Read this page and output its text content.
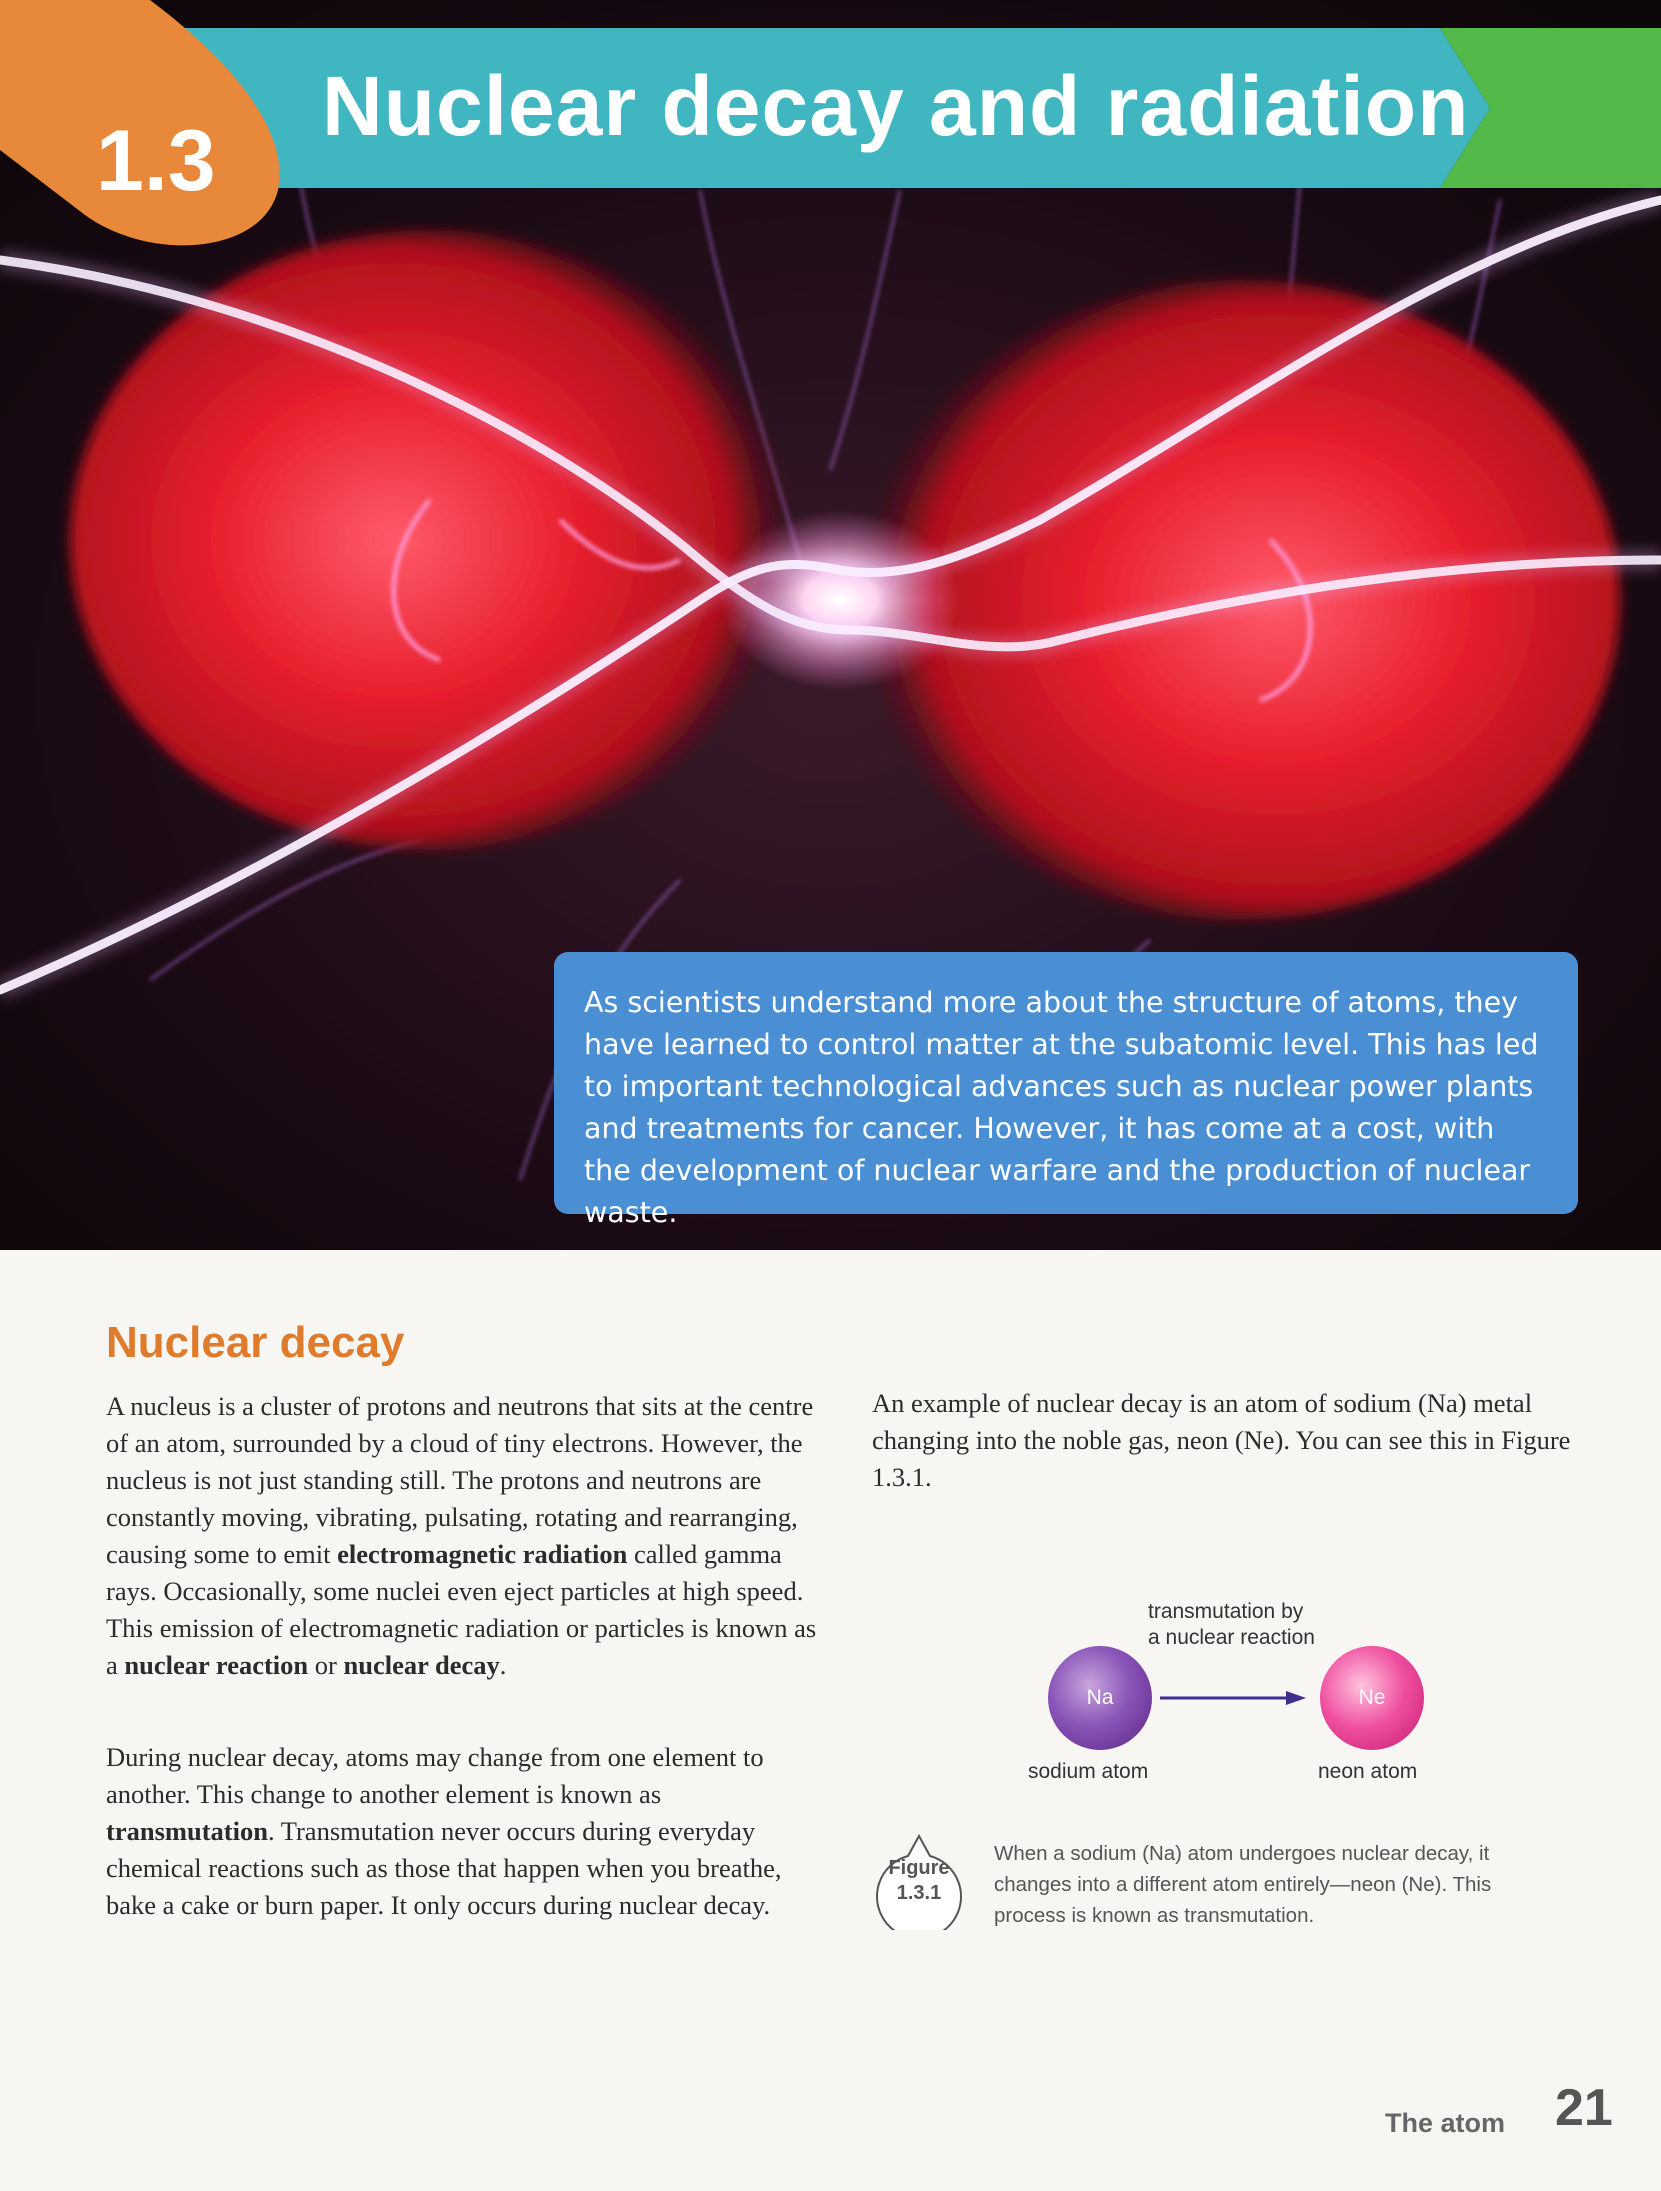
1.3
Nuclear decay and radiation
As scientists understand more about the structure of atoms, they have learned to control matter at the subatomic level. This has led to important technological advances such as nuclear power plants and treatments for cancer. However, it has come at a cost, with the development of nuclear warfare and the production of nuclear waste.
Nuclear decay
A nucleus is a cluster of protons and neutrons that sits at the centre of an atom, surrounded by a cloud of tiny electrons. However, the nucleus is not just standing still. The protons and neutrons are constantly moving, vibrating, pulsating, rotating and rearranging, causing some to emit electromagnetic radiation called gamma rays. Occasionally, some nuclei even eject particles at high speed. This emission of electromagnetic radiation or particles is known as a nuclear reaction or nuclear decay.
During nuclear decay, atoms may change from one element to another. This change to another element is known as transmutation. Transmutation never occurs during everyday chemical reactions such as those that happen when you breathe, bake a cake or burn paper. It only occurs during nuclear decay.
An example of nuclear decay is an atom of sodium (Na) metal changing into the noble gas, neon (Ne). You can see this in Figure 1.3.1.
transmutation by
a nuclear reaction
Na	Ne
sodium atom	neon atom
Figure
1.3.1
When a sodium (Na) atom undergoes nuclear decay, it changes into a different atom entirely—neon (Ne). This process is known as transmutation.
The atom 21
